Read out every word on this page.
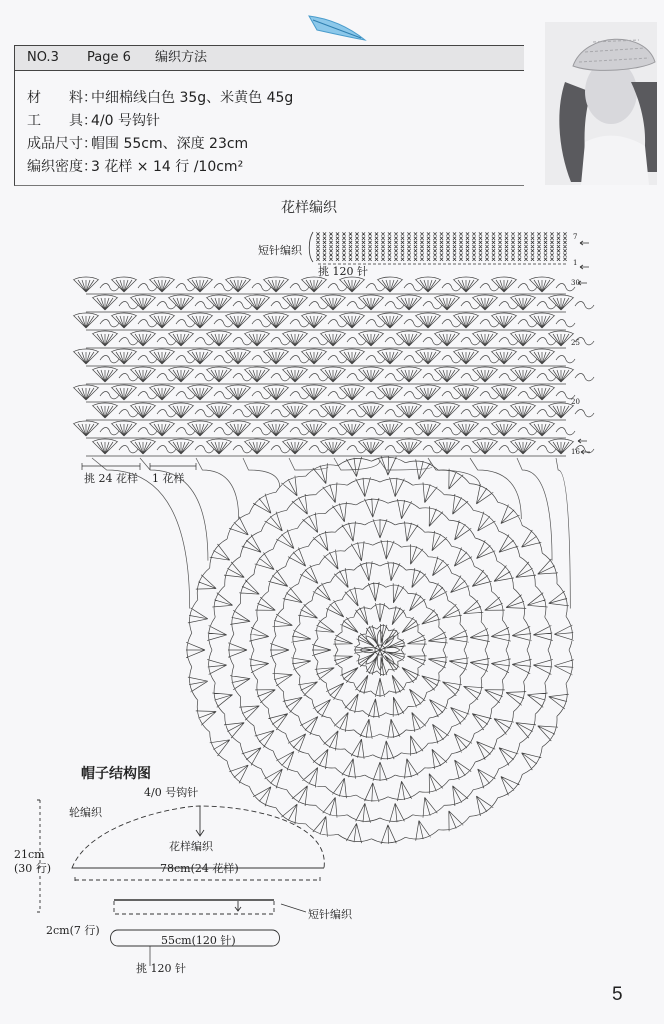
NO.3 Page 6 编织方法
材　　料：中细棉线白色 35g、米黄色 45g
工　　具：4/0 号钩针
成品尺寸：帽围 55cm、深度 23cm
编织密度：3 花样 × 14 行 /10cm²
花样编织
短针编织
挑 120 针
挑 24 花样 1 花样
7
1
30
25
20
16
帽子结构图
4/0 号钩针
轮编织
花样编织
78cm(24 花样)
21cm
(30 行)
2cm(7 行)
短针编织
55cm(120 针)
挑 120 针
5
